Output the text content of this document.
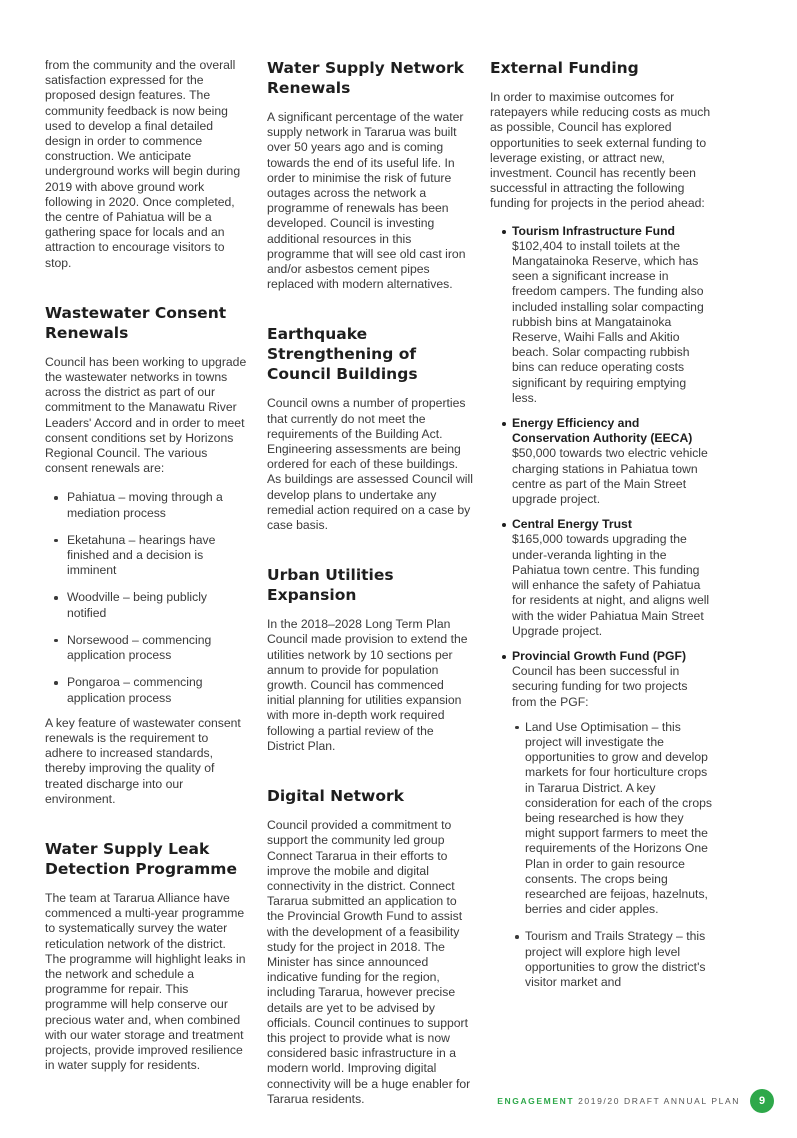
from the community and the overall satisfaction expressed for the proposed design features. The community feedback is now being used to develop a final detailed design in order to commence construction. We anticipate underground works will begin during 2019 with above ground work following in 2020. Once completed, the centre of Pahiatua will be a gathering space for locals and an attraction to encourage visitors to stop.

Wastewater Consent Renewals

Council has been working to upgrade the wastewater networks in towns across the district as part of our commitment to the Manawatu River Leaders' Accord and in order to meet consent conditions set by Horizons Regional Council. The various consent renewals are:

Pahiatua – moving through a mediation process
Eketahuna – hearings have finished and a decision is imminent
Woodville – being publicly notified
Norsewood – commencing application process
Pongaroa – commencing application process

A key feature of wastewater consent renewals is the requirement to adhere to increased standards, thereby improving the quality of treated discharge into our environment.

Water Supply Leak Detection Programme

The team at Tararua Alliance have commenced a multi-year programme to systematically survey the water reticulation network of the district. The programme will highlight leaks in the network and schedule a programme for repair. This programme will help conserve our precious water and, when combined with our water storage and treatment projects, provide improved resilience in water supply for residents.

Water Supply Network Renewals

A significant percentage of the water supply network in Tararua was built over 50 years ago and is coming towards the end of its useful life. In order to minimise the risk of future outages across the network a programme of renewals has been developed. Council is investing additional resources in this programme that will see old cast iron and/or asbestos cement pipes replaced with modern alternatives.

Earthquake Strengthening of Council Buildings

Council owns a number of properties that currently do not meet the requirements of the Building Act. Engineering assessments are being ordered for each of these buildings. As buildings are assessed Council will develop plans to undertake any remedial action required on a case by case basis.

Urban Utilities Expansion

In the 2018–2028 Long Term Plan Council made provision to extend the utilities network by 10 sections per annum to provide for population growth. Council has commenced initial planning for utilities expansion with more in-depth work required following a partial review of the District Plan.

Digital Network

Council provided a commitment to support the community led group Connect Tararua in their efforts to improve the mobile and digital connectivity in the district. Connect Tararua submitted an application to the Provincial Growth Fund to assist with the development of a feasibility study for the project in 2018. The Minister has since announced indicative funding for the region, including Tararua, however precise details are yet to be advised by officials. Council continues to support this project to provide what is now considered basic infrastructure in a modern world. Improving digital connectivity will be a huge enabler for Tararua residents.

External Funding

In order to maximise outcomes for ratepayers while reducing costs as much as possible, Council has explored opportunities to seek external funding to leverage existing, or attract new, investment. Council has recently been successful in attracting the following funding for projects in the period ahead:

Tourism Infrastructure Fund
$102,404 to install toilets at the Mangatainoka Reserve, which has seen a significant increase in freedom campers. The funding also included installing solar compacting rubbish bins at Mangatainoka Reserve, Waihi Falls and Akitio beach. Solar compacting rubbish bins can reduce operating costs significant by requiring emptying less.
Energy Efficiency and Conservation Authority (EECA)
$50,000 towards two electric vehicle charging stations in Pahiatua town centre as part of the Main Street upgrade project.
Central Energy Trust
$165,000 towards upgrading the under-veranda lighting in the Pahiatua town centre. This funding will enhance the safety of Pahiatua for residents at night, and aligns well with the wider Pahiatua Main Street Upgrade project.
Provincial Growth Fund (PGF)
Council has been successful in securing funding for two projects from the PGF:
Land Use Optimisation – this project will investigate the opportunities to grow and develop markets for four horticulture crops in Tararua District. A key consideration for each of the crops being researched is how they might support farmers to meet the requirements of the Horizons One Plan in order to gain resource consents. The crops being researched are feijoas, hazelnuts, berries and cider apples.
Tourism and Trails Strategy – this project will explore high level opportunities to grow the district's visitor market and
ENGAGEMENT 2019/20 DRAFT ANNUAL PLAN 9
